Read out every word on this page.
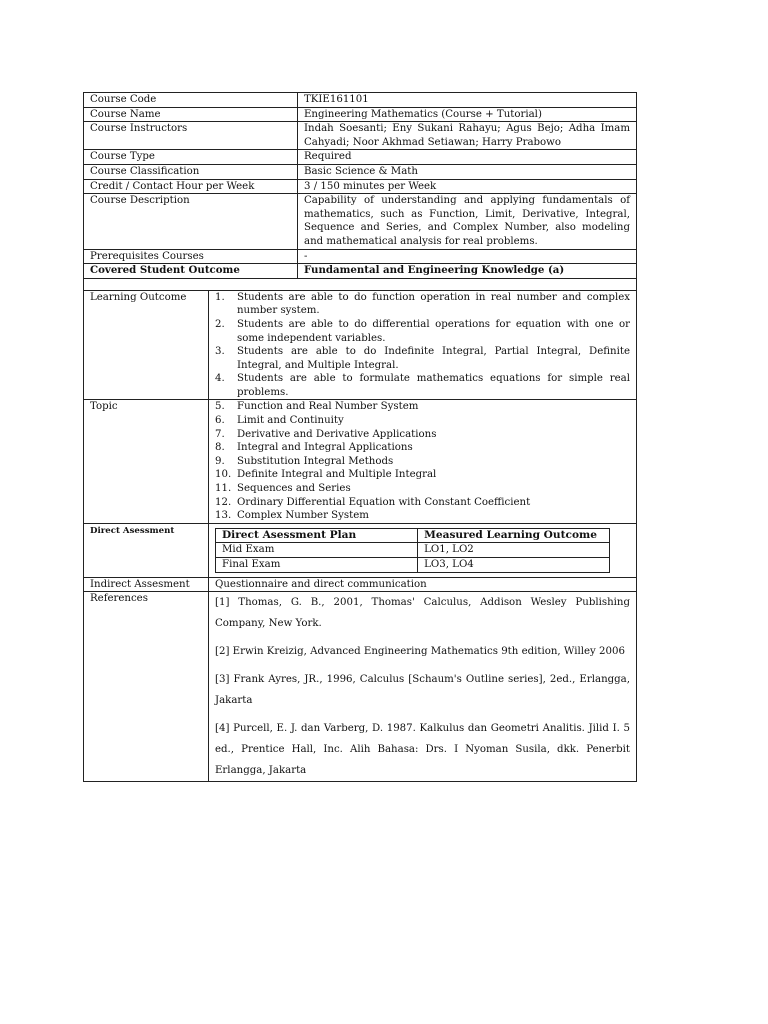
Course Code	TKIE161101
Course Name	Engineering Mathematics (Course + Tutorial)
Course Instructors	Indah Soesanti; Eny Sukani Rahayu; Agus Bejo; Adha Imam Cahyadi; Noor Akhmad Setiawan; Harry Prabowo
Course Type	Required
Course Classification	Basic Science & Math
Credit / Contact Hour per Week	3 / 150 minutes per Week
Course Description	Capability of understanding and applying fundamentals of mathematics, such as Function, Limit, Derivative, Integral, Sequence and Series, and Complex Number, also modeling and mathematical analysis for real problems.
Prerequisites Courses	-
Covered Student Outcome	Fundamental and Engineering Knowledge (a)

Learning Outcome	1.	Students are able to do function operation in real number and complex number system.
2.	Students are able to do differential operations for equation with one or some independent variables.
3.	Students are able to do Indefinite Integral, Partial Integral, Definite Integral, and Multiple Integral.
4.	Students are able to formulate mathematics equations for simple real problems.

Topic	5.	Function and Real Number System
6.	Limit and Continuity
7.	Derivative and Derivative Applications
8.	Integral and Integral Applications
9.	Substitution Integral Methods
10. Definite Integral and Multiple Integral
11. Sequences and Series
12. Ordinary Differential Equation with Constant Coefficient
13. Complex Number System

Direct Asessment		Direct Asessment Plan	Measured Learning Outcome
Mid Exam	LO1, LO2
Final Exam	LO3, LO4

Indirect Assesment	Questionnaire and direct communication
References	[1] Thomas, G. B., 2001, Thomas' Calculus, Addison Wesley Publishing Company, New York.

[2] Erwin Kreizig, Advanced Engineering Mathematics 9th edition, Willey 2006

[3] Frank Ayres, JR., 1996, Calculus [Schaum's Outline series], 2ed., Erlangga, Jakarta

[4] Purcell, E. J. dan Varberg, D. 1987. Kalkulus dan Geometri Analitis. Jilid I. 5 ed., Prentice Hall, Inc. Alih Bahasa: Drs. I Nyoman Susila, dkk. Penerbit Erlangga, Jakarta
